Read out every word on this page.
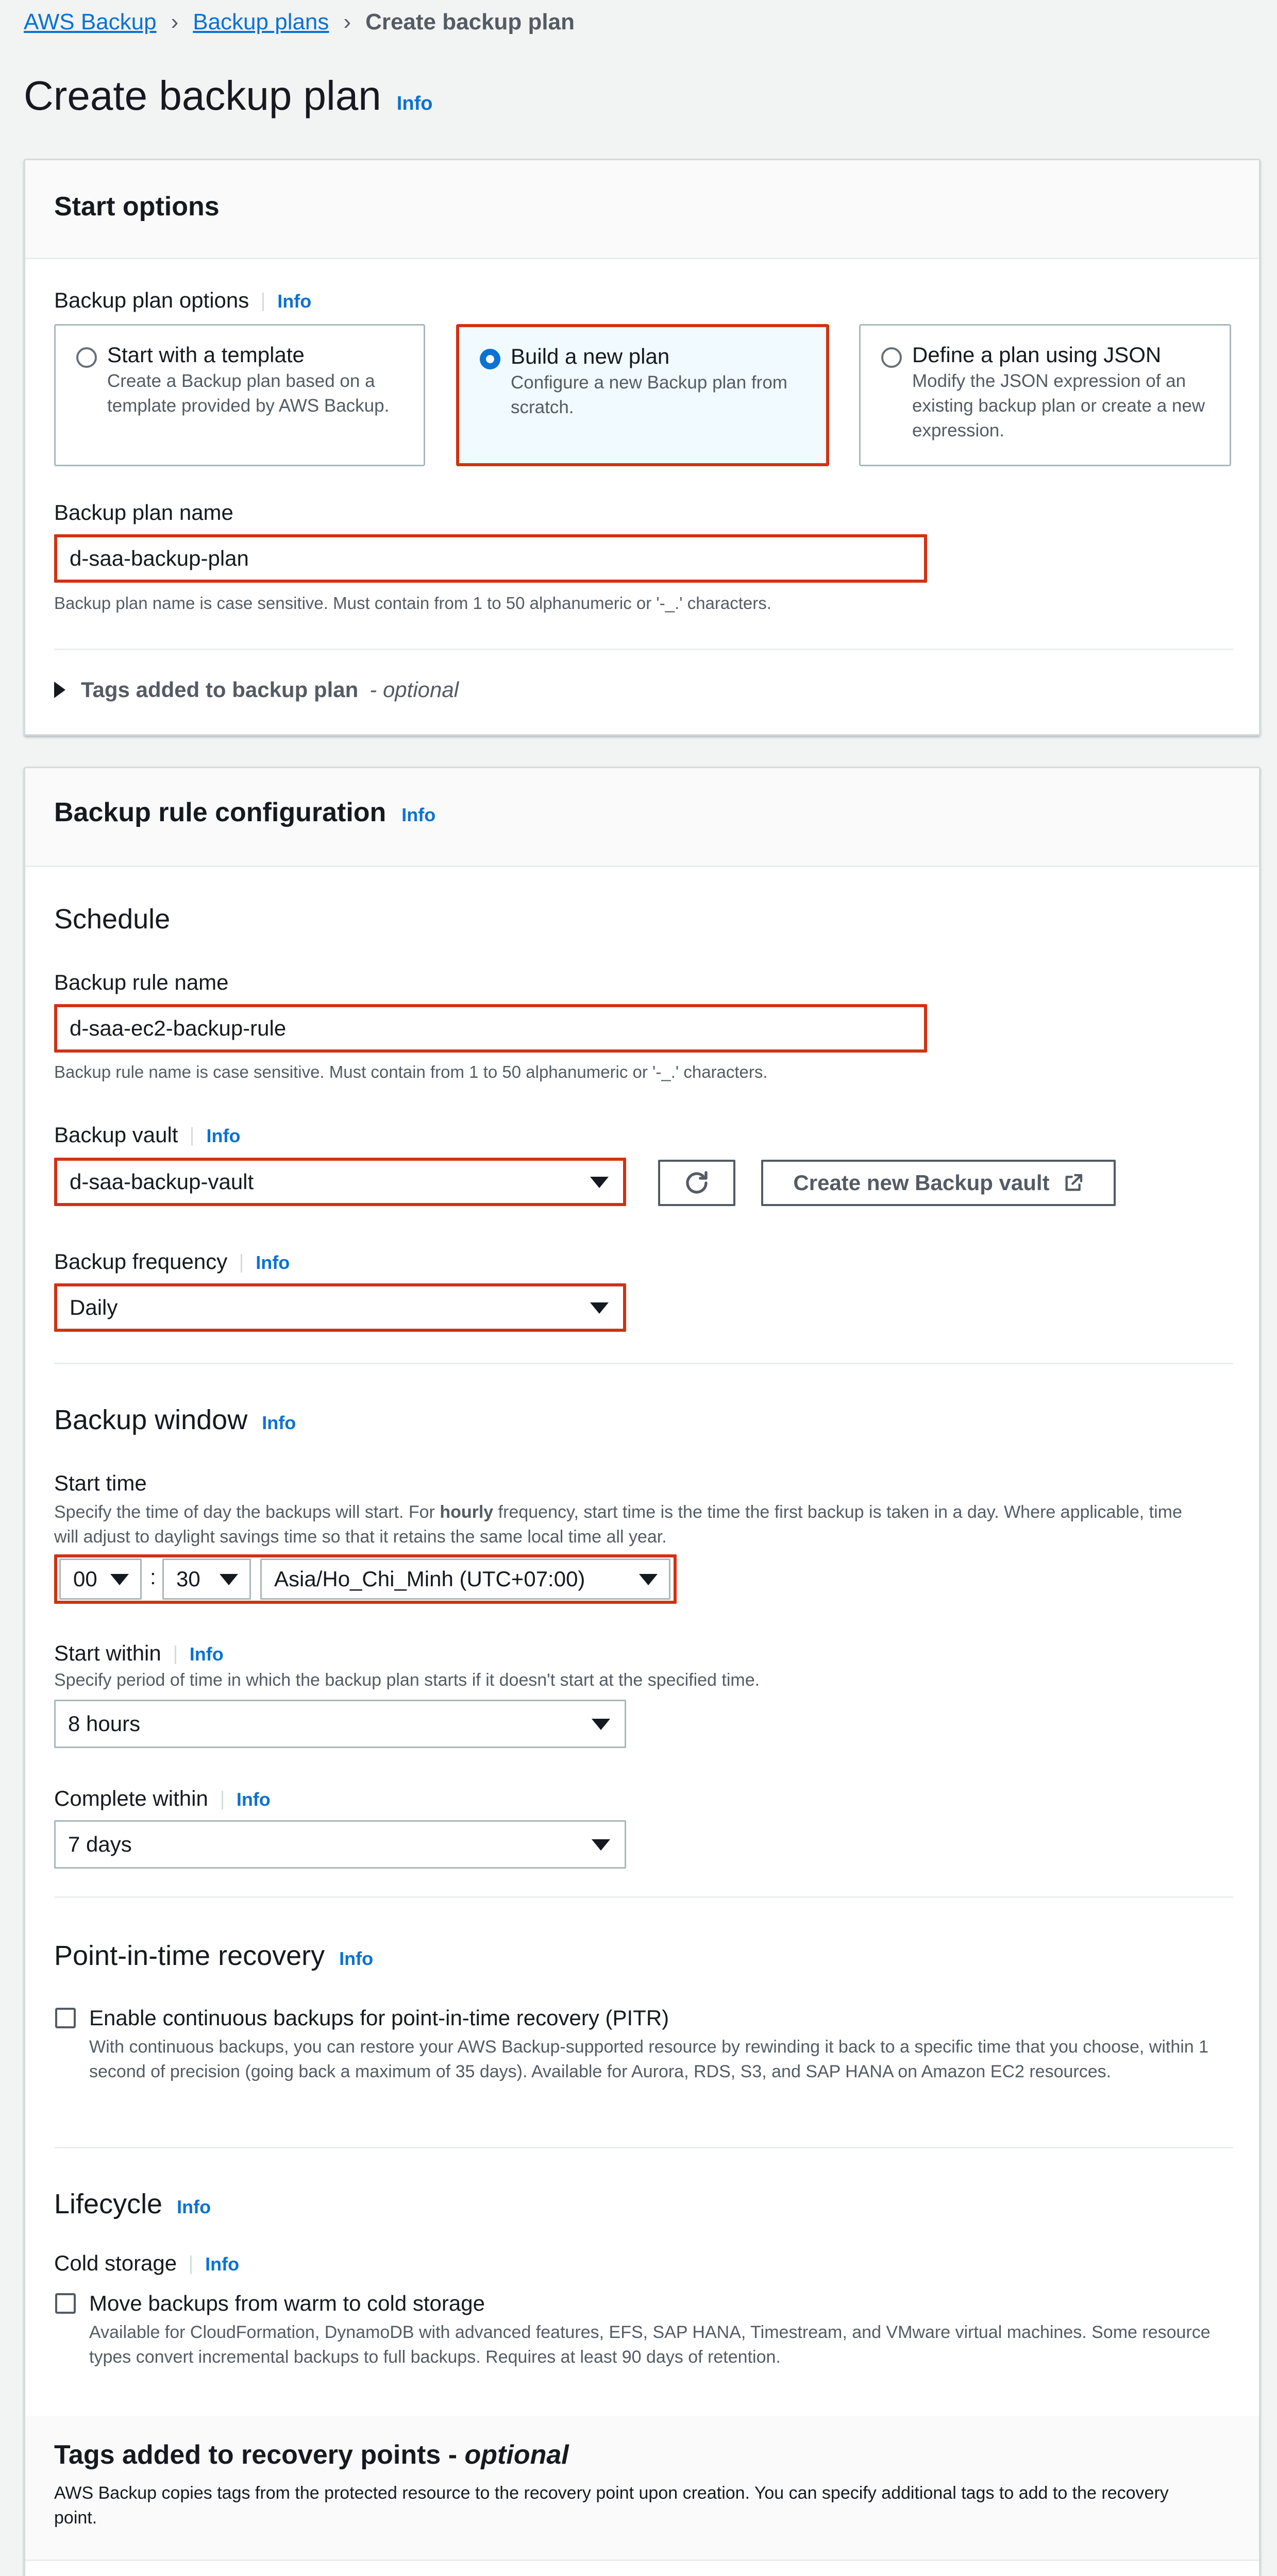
AWS Backup › Backup plans › Create backup plan
Create backup plan Info
Start options
Backup plan options Info
Start with a template
Create a Backup plan based on a template provided by AWS Backup.
Build a new plan
Configure a new Backup plan from scratch.
Define a plan using JSON
Modify the JSON expression of an existing backup plan or create a new expression.
Backup plan name
d-saa-backup-plan
Backup plan name is case sensitive. Must contain from 1 to 50 alphanumeric or '-_.' characters.
Tags added to backup plan - optional
Backup rule configuration Info
Schedule
Backup rule name
d-saa-ec2-backup-rule
Backup rule name is case sensitive. Must contain from 1 to 50 alphanumeric or '-_.' characters.
Backup vault Info
d-saa-backup-vault	Create new Backup vault
Backup frequency Info
Daily
Backup window Info
Start time
Specify the time of day the backups will start. For hourly frequency, start time is the time the first backup is taken in a day. Where applicable, time will adjust to daylight savings time so that it retains the same local time all year.
00 : 30	Asia/Ho_Chi_Minh (UTC+07:00)
Start within Info
Specify period of time in which the backup plan starts if it doesn't start at the specified time.
8 hours
Complete within Info
7 days
Point-in-time recovery Info
Enable continuous backups for point-in-time recovery (PITR)
With continuous backups, you can restore your AWS Backup-supported resource by rewinding it back to a specific time that you choose, within 1 second of precision (going back a maximum of 35 days). Available for Aurora, RDS, S3, and SAP HANA on Amazon EC2 resources.
Lifecycle Info
Cold storage Info
Move backups from warm to cold storage
Available for CloudFormation, DynamoDB with advanced features, EFS, SAP HANA, Timestream, and VMware virtual machines. Some resource types convert incremental backups to full backups. Requires at least 90 days of retention.
Tags added to recovery points - optional
AWS Backup copies tags from the protected resource to the recovery point upon creation. You can specify additional tags to add to the recovery point.
